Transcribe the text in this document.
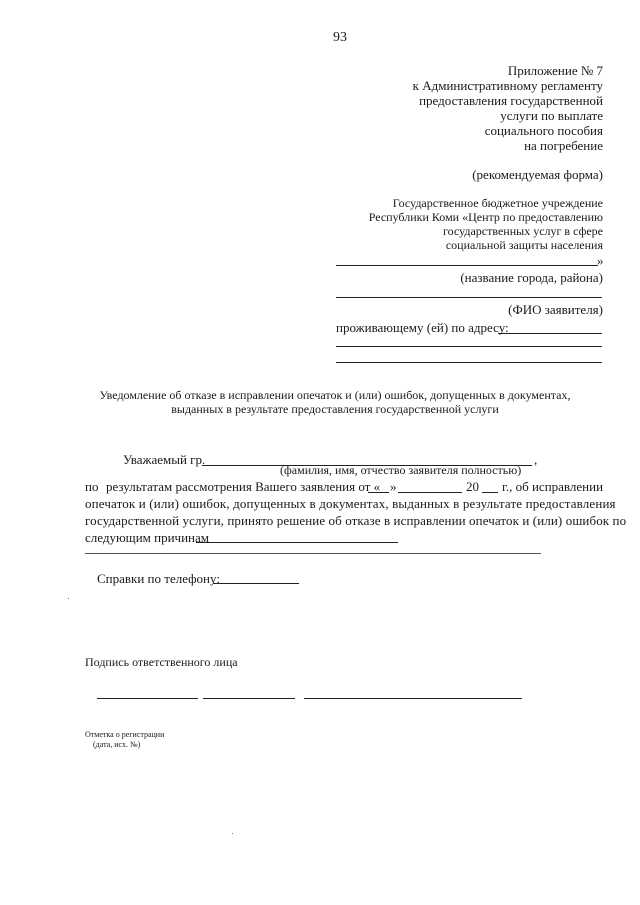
93
Приложение № 7
к Административному регламенту
предоставления государственной
услуги по выплате
социального пособия
на погребение
(рекомендуемая форма)
Государственное бюджетное учреждение
Республики Коми «Центр по предоставлению
государственных услуг в сфере
социальной защиты населения
»
(название города, района)
(ФИО заявителя)
проживающему (ей) по адресу:
Уведомление об отказе в исправлении опечаток и (или) ошибок, допущенных в документах,
выданных в результате предоставления государственной услуги
Уважаемый гр.	,
(фамилия, имя, отчество заявителя полностью)
по результатам рассмотрения Вашего заявления от « »	20 г., об исправлении
опечаток и (или) ошибок, допущенных в документах, выданных в результате предоставления
государственной услуги, принято решение об отказе в исправлении опечаток и (или) ошибок по
следующим причинам
Справки по телефону:
Подпись ответственного лица
Отметка о регистрации
(дата, исх. №)
